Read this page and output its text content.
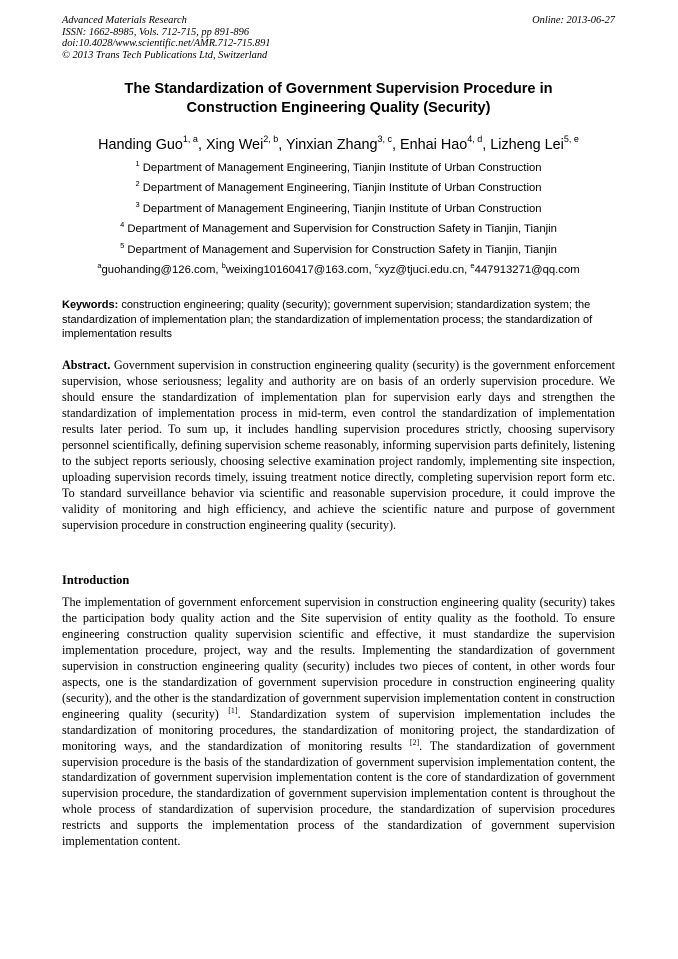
Advanced Materials Research
ISSN: 1662-8985, Vols. 712-715, pp 891-896
doi:10.4028/www.scientific.net/AMR.712-715.891
© 2013 Trans Tech Publications Ltd, Switzerland
Online: 2013-06-27
The Standardization of Government Supervision Procedure in
Construction Engineering Quality (Security)
Handing Guo$^{1, a}$, Xing Wei$^{2, b}$, Yinxian Zhang$^{3, c}$, Enhai Hao$^{4, d}$, Lizheng Lei$^{5, e}$
$^1$ Department of Management Engineering, Tianjin Institute of Urban Construction
$^2$ Department of Management Engineering, Tianjin Institute of Urban Construction
$^3$ Department of Management Engineering, Tianjin Institute of Urban Construction
$^4$ Department of Management and Supervision for Construction Safety in Tianjin, Tianjin
$^5$ Department of Management and Supervision for Construction Safety in Tianjin, Tianjin
$^a$guohanding@126.com, $^b$weixing10160417@163.com, $^c$xyz@tjuci.edu.cn, $^e$447913271@qq.com
Keywords: construction engineering; quality (security); government supervision; standardization system; the standardization of implementation plan; the standardization of implementation process; the standardization of implementation results
Abstract. Government supervision in construction engineering quality (security) is the government enforcement supervision, whose seriousness; legality and authority are on basis of an orderly supervision procedure. We should ensure the standardization of implementation plan for supervision early days and strengthen the standardization of implementation process in mid-term, even control the standardization of implementation results later period. To sum up, it includes handling supervision procedures strictly, choosing supervisory personnel scientifically, defining supervision scheme reasonably, informing supervision parts definitely, listening to the subject reports seriously, choosing selective examination project randomly, implementing site inspection, uploading supervision records timely, issuing treatment notice directly, completing supervision report form etc. To standard surveillance behavior via scientific and reasonable supervision procedure, it could improve the validity of monitoring and high efficiency, and achieve the scientific nature and purpose of government supervision procedure in construction engineering quality (security).
Introduction
The implementation of government enforcement supervision in construction engineering quality (security) takes the participation body quality action and the Site supervision of entity quality as the foothold. To ensure engineering construction quality supervision scientific and effective, it must standardize the supervision implementation procedure, project, way and the results. Implementing the standardization of government supervision in construction engineering quality (security) includes two pieces of content, in other words four aspects, one is the standardization of government supervision procedure in construction engineering quality (security), and the other is the standardization of government supervision implementation content in construction engineering quality (security) [1]. Standardization system of supervision implementation includes the standardization of monitoring procedures, the standardization of monitoring project, the standardization of monitoring ways, and the standardization of monitoring results [2]. The standardization of government supervision procedure is the basis of the standardization of government supervision implementation content, the standardization of government supervision implementation content is the core of standardization of government supervision procedure, the standardization of government supervision implementation content is throughout the whole process of standardization of supervision procedure, the standardization of supervision procedures restricts and supports the implementation process of the standardization of government supervision implementation content.
